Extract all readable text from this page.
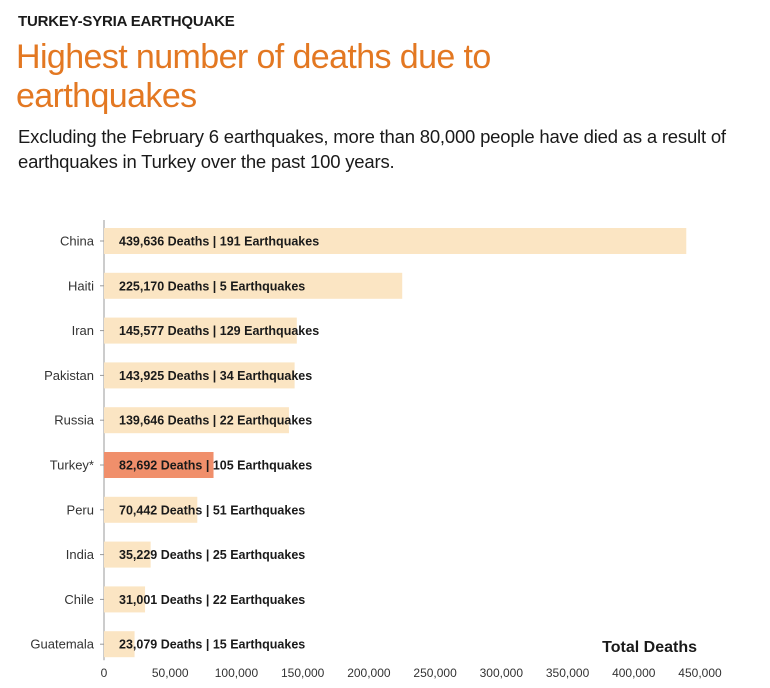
TURKEY-SYRIA EARTHQUAKE
Highest number of deaths due to earthquakes
Excluding the February 6 earthquakes, more than 80,000 people have died as a result of earthquakes in Turkey over the past 100 years.
Total Deaths
China 439,636 Deaths | 191 Earthquakes
Haiti 225,170 Deaths | 5 Earthquakes
Iran 145,577 Deaths | 129 Earthquakes
Pakistan 143,925 Deaths | 34 Earthquakes
Russia 139,646 Deaths | 22 Earthquakes
Turkey* 82,692 Deaths | 105 Earthquakes
Peru 70,442 Deaths | 51 Earthquakes
India 35,229 Deaths | 25 Earthquakes
Chile 31,001 Deaths | 22 Earthquakes
Guatemala 23,079 Deaths | 15 Earthquakes
0	50,000 100,000 150,000 200,000 250,000 300,000 350,000 400,000 450,000
